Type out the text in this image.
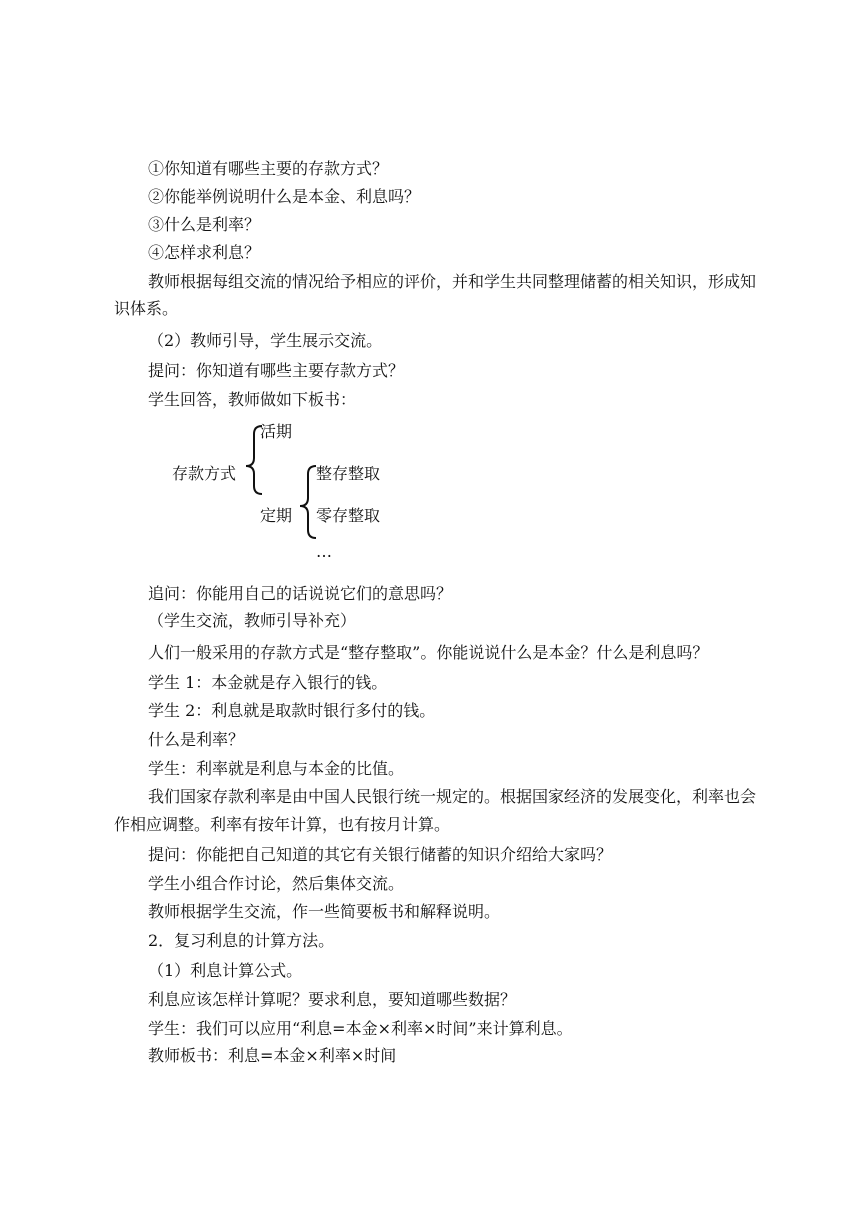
①你知道有哪些主要的存款方式？
②你能举例说明什么是本金、利息吗？
③什么是利率？
④怎样求利息？
教师根据每组交流的情况给予相应的评价，并和学生共同整理储蓄的相关知识，形成知
识体系。
（2）教师引导，学生展示交流。
提问：你知道有哪些主要存款方式？
学生回答，教师做如下板书：
存款方式
活期
定期
整存整取
零存整取
…
追问：你能用自己的话说说它们的意思吗？
（学生交流，教师引导补充）
人们一般采用的存款方式是“整存整取”。你能说说什么是本金？什么是利息吗？
学生 1：本金就是存入银行的钱。
学生 2：利息就是取款时银行多付的钱。
什么是利率？
学生：利率就是利息与本金的比值。
我们国家存款利率是由中国人民银行统一规定的。根据国家经济的发展变化，利率也会
作相应调整。利率有按年计算，也有按月计算。
提问：你能把自己知道的其它有关银行储蓄的知识介绍给大家吗？
学生小组合作讨论，然后集体交流。
教师根据学生交流，作一些简要板书和解释说明。
2．复习利息的计算方法。
（1）利息计算公式。
利息应该怎样计算呢？要求利息，要知道哪些数据？
学生：我们可以应用“利息=本金×利率×时间”来计算利息。
教师板书：利息=本金×利率×时间
